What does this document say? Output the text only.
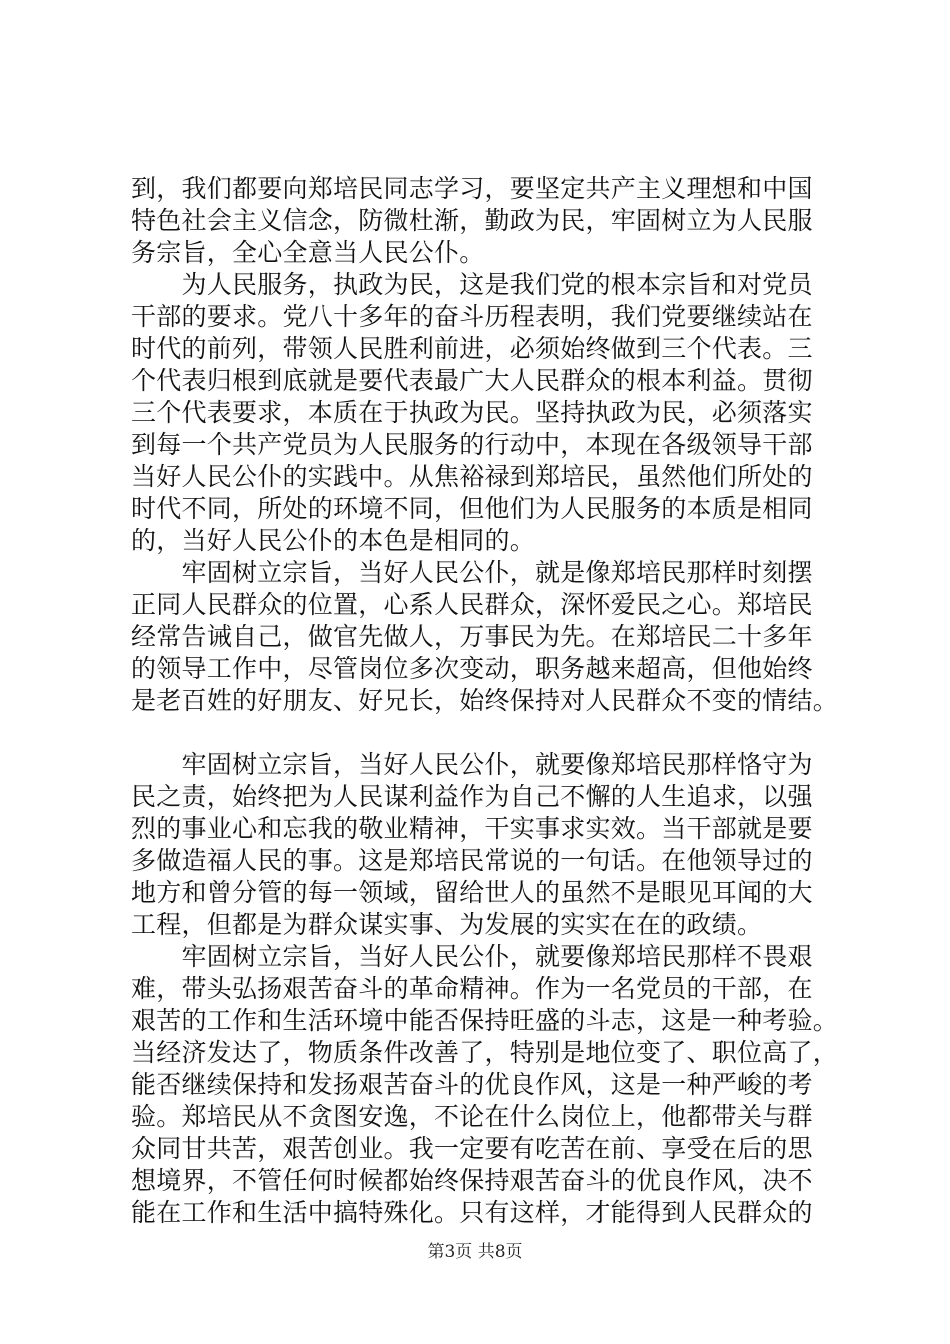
到，我们都要向郑培民同志学习，要坚定共产主义理想和中国
特色社会主义信念，防微杜渐，勤政为民，牢固树立为人民服
务宗旨，全心全意当人民公仆。
　　为人民服务，执政为民，这是我们党的根本宗旨和对党员
干部的要求。党八十多年的奋斗历程表明，我们党要继续站在
时代的前列，带领人民胜利前进，必须始终做到三个代表。三
个代表归根到底就是要代表最广大人民群众的根本利益。贯彻
三个代表要求，本质在于执政为民。坚持执政为民，必须落实
到每一个共产党员为人民服务的行动中，本现在各级领导干部
当好人民公仆的实践中。从焦裕禄到郑培民，虽然他们所处的
时代不同，所处的环境不同，但他们为人民服务的本质是相同
的，当好人民公仆的本色是相同的。
　　牢固树立宗旨，当好人民公仆，就是像郑培民那样时刻摆
正同人民群众的位置，心系人民群众，深怀爱民之心。郑培民
经常告诫自己，做官先做人，万事民为先。在郑培民二十多年
的领导工作中，尽管岗位多次变动，职务越来超高，但他始终
是老百姓的好朋友、好兄长，始终保持对人民群众不变的情结。
　　牢固树立宗旨，当好人民公仆，就要像郑培民那样恪守为
民之责，始终把为人民谋利益作为自己不懈的人生追求，以强
烈的事业心和忘我的敬业精神，干实事求实效。当干部就是要
多做造福人民的事。这是郑培民常说的一句话。在他领导过的
地方和曾分管的每一领域，留给世人的虽然不是眼见耳闻的大
工程，但都是为群众谋实事、为发展的实实在在的政绩。
　　牢固树立宗旨，当好人民公仆，就要像郑培民那样不畏艰
难，带头弘扬艰苦奋斗的革命精神。作为一名党员的干部，在
艰苦的工作和生活环境中能否保持旺盛的斗志，这是一种考验。
当经济发达了，物质条件改善了，特别是地位变了、职位高了，
能否继续保持和发扬艰苦奋斗的优良作风，这是一种严峻的考
验。郑培民从不贪图安逸，不论在什么岗位上，他都带关与群
众同甘共苦，艰苦创业。我一定要有吃苦在前、享受在后的思
想境界，不管任何时候都始终保持艰苦奋斗的优良作风，决不
能在工作和生活中搞特殊化。只有这样，才能得到人民群众的
第3页 共8页
